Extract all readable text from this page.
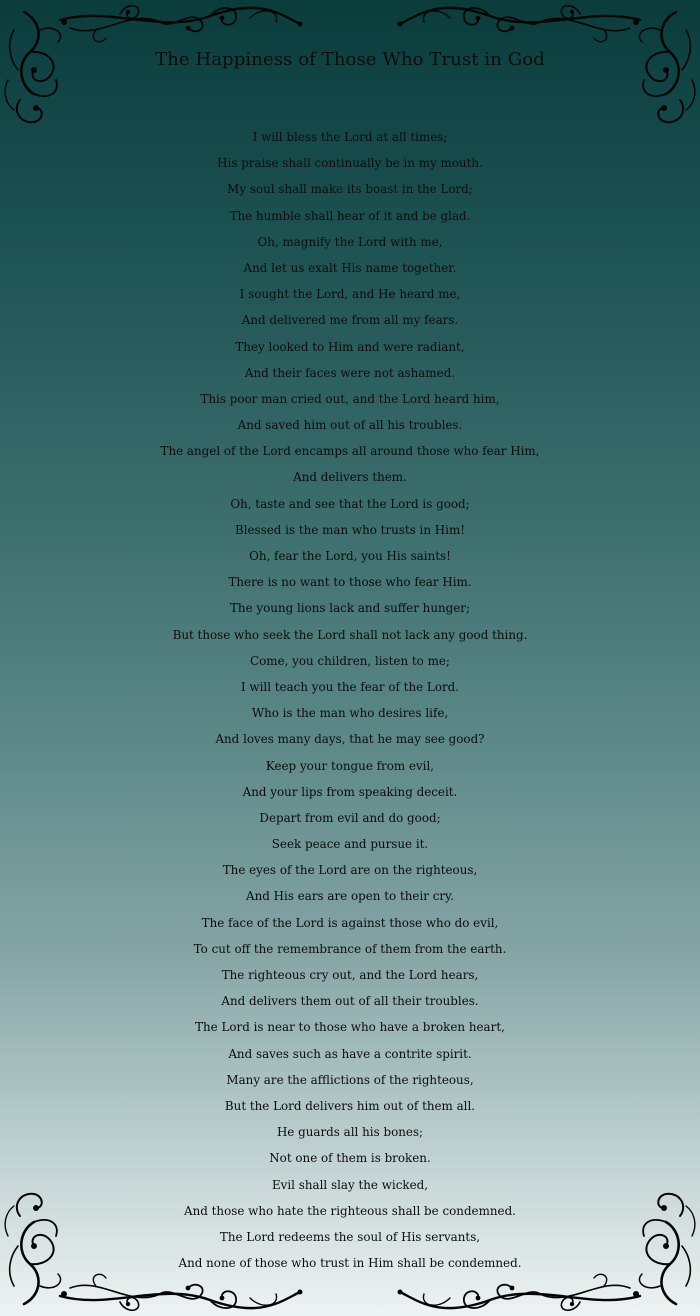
The Happiness of Those Who Trust in God
I will bless the Lord at all times;
His praise shall continually be in my mouth.
My soul shall make its boast in the Lord;
The humble shall hear of it and be glad.
Oh, magnify the Lord with me,
And let us exalt His name together.
I sought the Lord, and He heard me,
And delivered me from all my fears.
They looked to Him and were radiant,
And their faces were not ashamed.
This poor man cried out, and the Lord heard him,
And saved him out of all his troubles.
The angel of the Lord encamps all around those who fear Him,
And delivers them.
Oh, taste and see that the Lord is good;
Blessed is the man who trusts in Him!
Oh, fear the Lord, you His saints!
There is no want to those who fear Him.
The young lions lack and suffer hunger;
But those who seek the Lord shall not lack any good thing.
Come, you children, listen to me;
I will teach you the fear of the Lord.
Who is the man who desires life,
And loves many days, that he may see good?
Keep your tongue from evil,
And your lips from speaking deceit.
Depart from evil and do good;
Seek peace and pursue it.
The eyes of the Lord are on the righteous,
And His ears are open to their cry.
The face of the Lord is against those who do evil,
To cut off the remembrance of them from the earth.
The righteous cry out, and the Lord hears,
And delivers them out of all their troubles.
The Lord is near to those who have a broken heart,
And saves such as have a contrite spirit.
Many are the afflictions of the righteous,
But the Lord delivers him out of them all.
He guards all his bones;
Not one of them is broken.
Evil shall slay the wicked,
And those who hate the righteous shall be condemned.
The Lord redeems the soul of His servants,
And none of those who trust in Him shall be condemned.
